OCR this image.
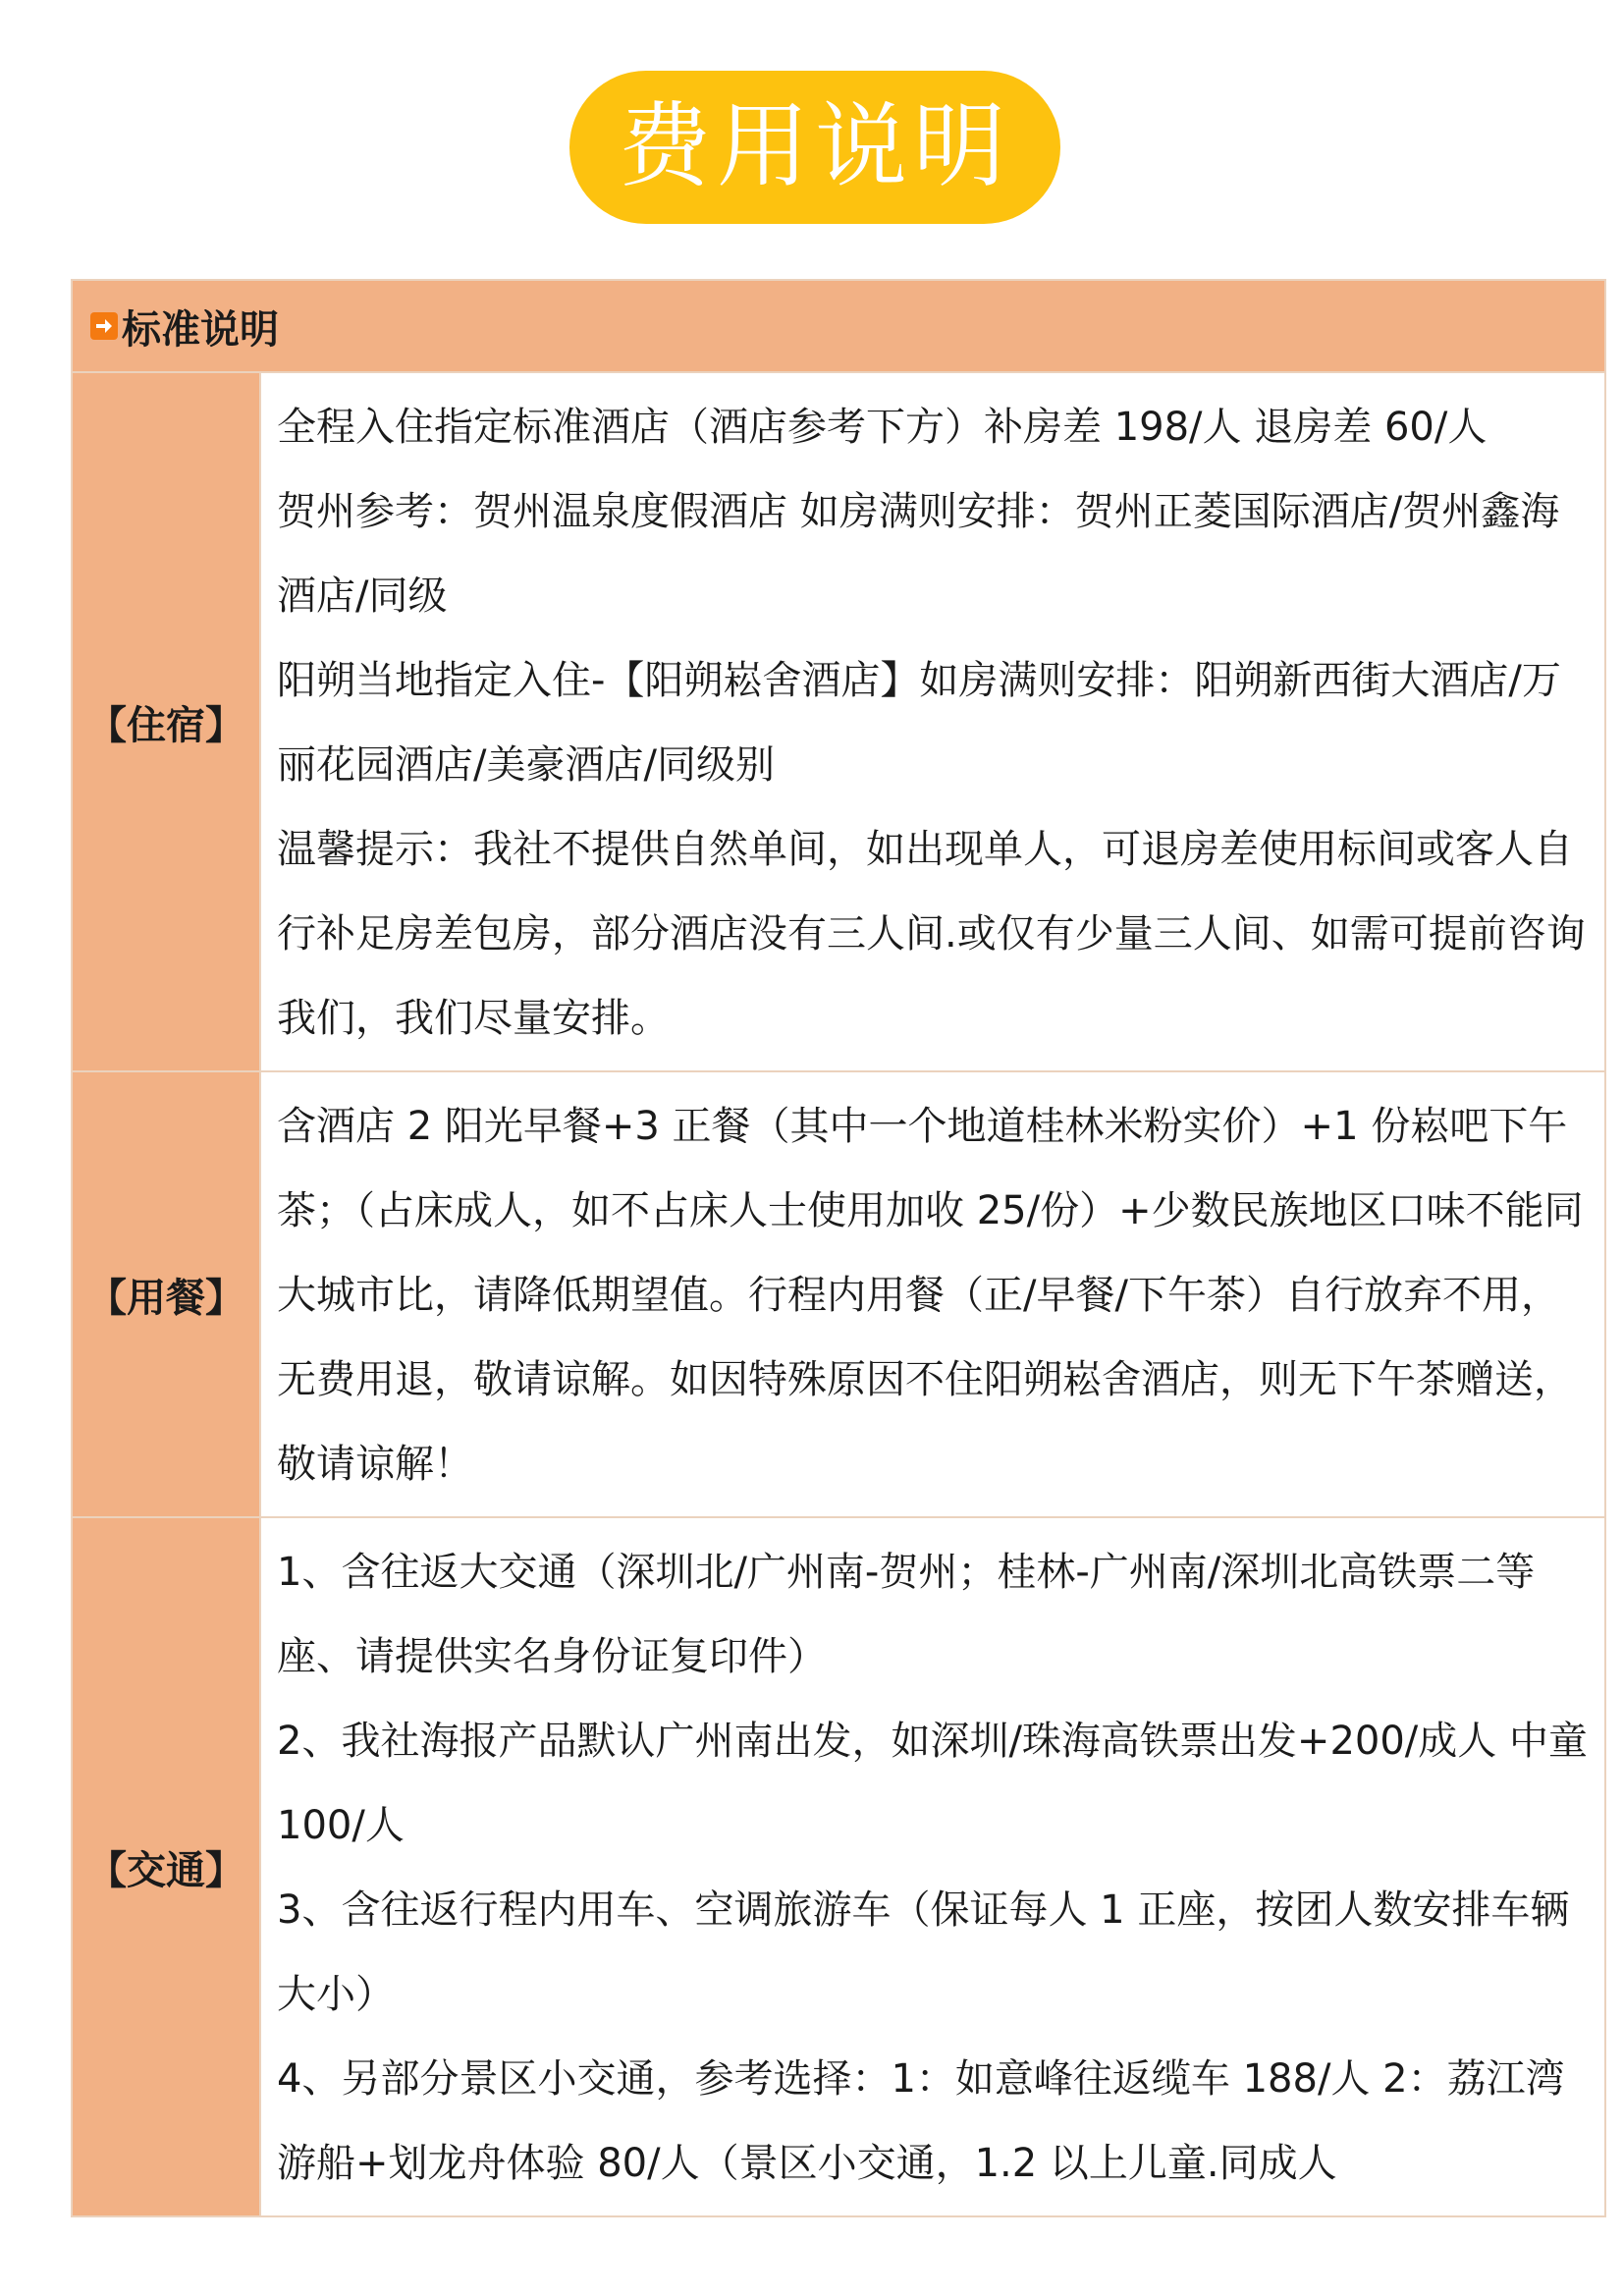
费用说明
标准说明
【住宿】

全程入住指定标准酒店（酒店参考下方）补房差 198/人 退房差 60/人

贺州参考：贺州温泉度假酒店 如房满则安排：贺州正菱国际酒店/贺州鑫海酒店/同级

阳朔当地指定入住-【阳朔崧舍酒店】如房满则安排：阳朔新西街大酒店/万丽花园酒店/美豪酒店/同级别

温馨提示：我社不提供自然单间，如出现单人，可退房差使用标间或客人自行补足房差包房，部分酒店没有三人间.或仅有少量三人间、如需可提前咨询我们，我们尽量安排。

【用餐】

含酒店 2 阳光早餐+3 正餐（其中一个地道桂林米粉实价）+1 份崧吧下午茶；（占床成人，如不占床人士使用加收 25/份）+少数民族地区口味不能同大城市比，请降低期望值。行程内用餐（正/早餐/下午茶）自行放弃不用，无费用退，敬请谅解。如因特殊原因不住阳朔崧舍酒店，则无下午茶赠送，敬请谅解！

【交通】

1、含往返大交通（深圳北/广州南-贺州；桂林-广州南/深圳北高铁票二等座、请提供实名身份证复印件）

2、我社海报产品默认广州南出发，如深圳/珠海高铁票出发+200/成人 中童 100/人

3、含往返行程内用车、空调旅游车（保证每人 1 正座，按团人数安排车辆大小）

4、另部分景区小交通，参考选择：1：如意峰往返缆车 188/人 2：荔江湾游船+划龙舟体验 80/人（景区小交通，1.2 以上儿童.同成人
